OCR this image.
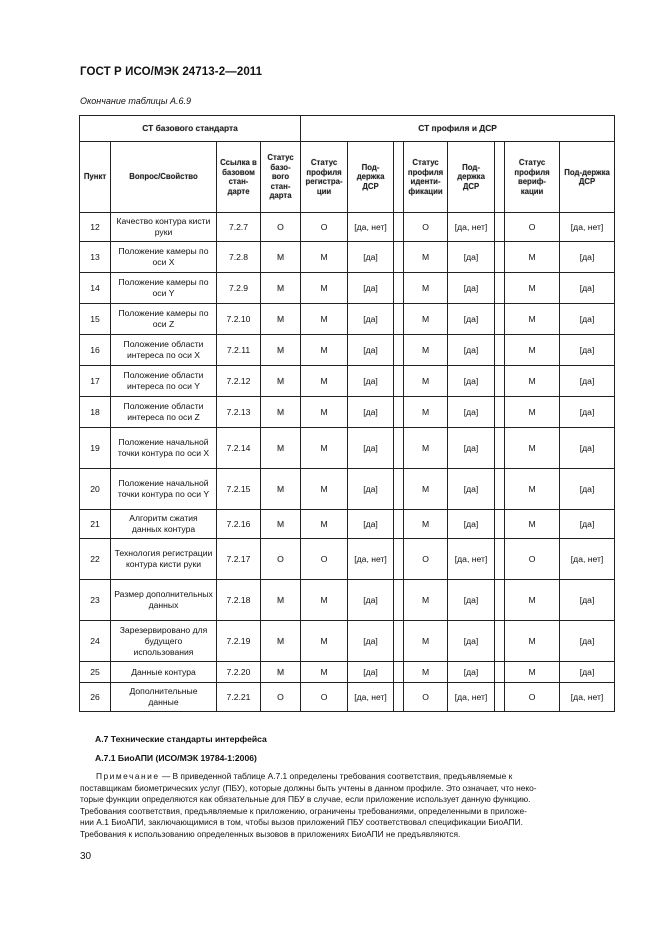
ГОСТ Р ИСО/МЭК 24713-2—2011
Окончание таблицы А.6.9
СТ базового стандарта				СТ профиля и ДСР							
Пункт	Вопрос/Свойство	Ссылка в базовом стан-дарте	Статус базо-вого стан-дарта	Статус профиля регистра-ции	Под-держка ДСР		Статус профиля иденти-фикации	Под-держка ДСР		Статус профиля вериф-кации	Под-держка ДСР
12	Качество контура кисти руки	7.2.7	О	О	[да, нет]		О	[да, нет]		О	[да, нет]
13	Положение камеры по оси X	7.2.8	М	М	[да]		М	[да]		М	[да]
14	Положение камеры по оси Y	7.2.9	М	М	[да]		М	[да]		М	[да]
15	Положение камеры по оси Z	7.2.10	М	М	[да]		М	[да]		М	[да]
16	Положение области интереса по оси X	7.2.11	М	М	[да]		М	[да]		М	[да]
17	Положение области интереса по оси Y	7.2.12	М	М	[да]		М	[да]		М	[да]
18	Положение области интереса по оси Z	7.2.13	М	М	[да]		М	[да]		М	[да]
19	Положение начальной точки контура по оси X	7.2.14	М	М	[да]		М	[да]		М	[да]
20	Положение начальной точки контура по оси Y	7.2.15	М	М	[да]		М	[да]		М	[да]
21	Алгоритм сжатия данных контура	7.2.16	М	М	[да]		М	[да]		М	[да]
22	Технология регистрации контура кисти руки	7.2.17	О	О	[да, нет]		О	[да, нет]		О	[да, нет]
23	Размер дополнительных данных	7.2.18	М	М	[да]		М	[да]		М	[да]
24	Зарезервировано для будущего использования	7.2.19	М	М	[да]		М	[да]		М	[да]
25	Данные контура	7.2.20	М	М	[да]		М	[да]		М	[да]
26	Дополнительные данные	7.2.21	О	О	[да, нет]		О	[да, нет]		О	[да, нет]
А.7 Технические стандарты интерфейса
А.7.1 БиоАПИ (ИСО/МЭК 19784-1:2006)
Примечание — В приведенной таблице А.7.1 определены требования соответствия, предъявляемые к
поставщикам биометрических услуг (ПБУ), которые должны быть учтены в данном профиле. Это означает, что неко-
торые функции определяются как обязательные для ПБУ в случае, если приложение использует данную функцию.
Требования соответствия, предъявляемые к приложению, ограничены требованиями, определенными в приложе-
нии А.1 БиоАПИ, заключающимися в том, чтобы вызов приложений ПБУ соответствовал спецификации БиоАПИ.
Требования к использованию определенных вызовов в приложениях БиоАПИ не предъявляются.
30
